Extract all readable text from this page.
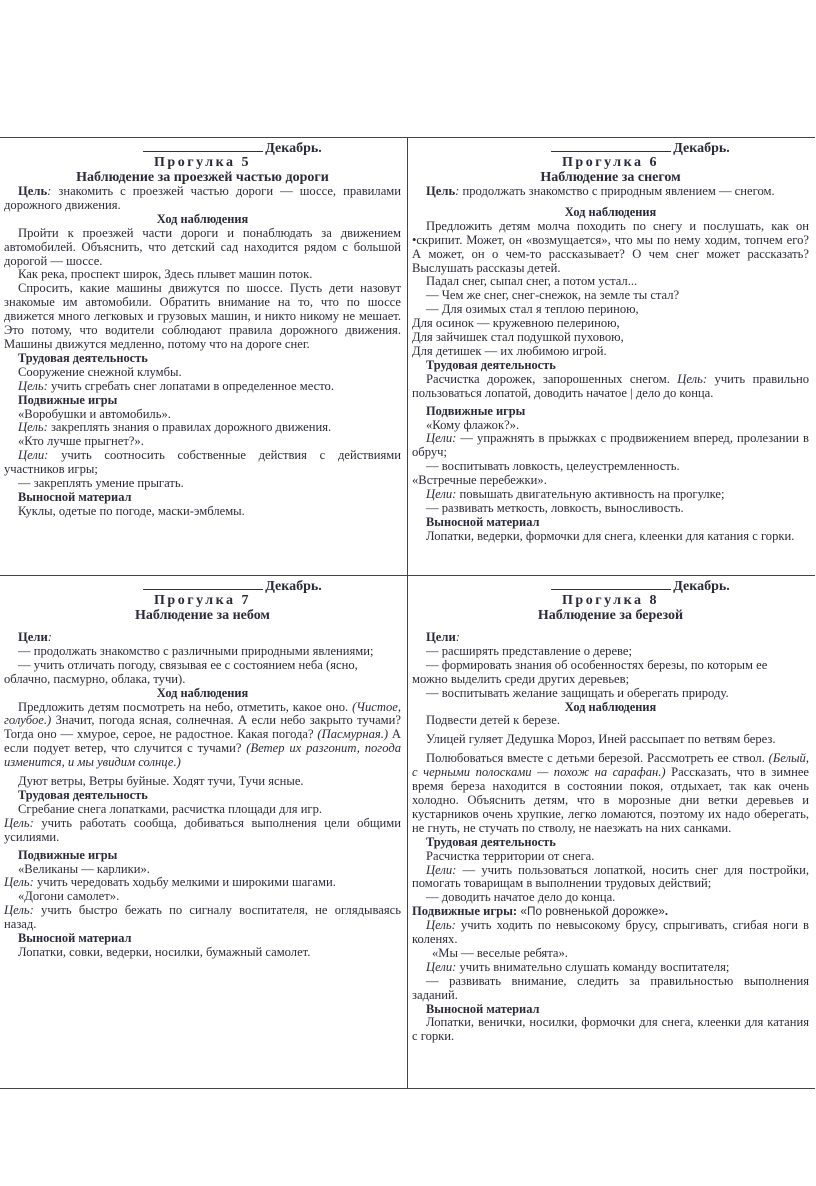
Декабрь.
Прогулка 5
Наблюдение за проезжей частью дороги
Цель: знакомить с проезжей частью дороги — шоссе, правилами дорожного движения.
Ход наблюдения
Пройти к проезжей части дороги и понаблюдать за движением автомобилей. Объяснить, что детский сад находится рядом с большой дорогой — шоссе.
Как река, проспект широк, Здесь плывет машин поток.
Спросить, какие машины движутся по шоссе. Пусть дети назовут знакомые им автомобили. Обратить внимание на то, что по шоссе движется много легковых и грузовых машин, и никто никому не мешает. Это потому, что водители соблюдают правила дорожного движения. Машины движутся медленно, потому что на дороге снег.
Трудовая деятельность
Сооружение снежной клумбы.
Цель: учить сгребать снег лопатами в определенное место.
Подвижные игры
«Воробушки и автомобиль».
Цель: закреплять знания о правилах дорожного движения.
«Кто лучше прыгнет?».
Цели: учить соотносить собственные действия с действиями участников игры;
— закреплять умение прыгать.
Выносной материал
Куклы, одетые по погоде, маски-эмблемы.
Декабрь.
Прогулка 6
Наблюдение за снегом
Цель: продолжать знакомство с природным явлением — снегом.
Ход наблюдения
Предложить детям молча походить по снегу и послушать, как он •скрипит. Может, он «возмущается», что мы по нему ходим, топчем его? А может, он о чем-то рассказывает? О чем снег может рассказать? Выслушать рассказы детей.
Падал снег, сыпал снег, а потом устал...
— Чем же снег, снег-снежок, на земле ты стал?
— Для озимых стал я теплою периною,
Для осинок — кружевною пелериною,
Для зайчишек стал подушкой пуховою,
Для детишек — их любимою игрой.
Трудовая деятельность
Расчистка дорожек, запорошенных снегом. Цель: учить правильно пользоваться лопатой, доводить начатое | дело до конца.
Подвижные игры
«Кому флажок?».
Цели: — упражнять в прыжках с продвижением вперед, пролезании в обруч;
— воспитывать ловкость, целеустремленность.
«Встречные перебежки».
Цели: повышать двигательную активность на прогулке;
— развивать меткость, ловкость, выносливость.
Выносной материал
Лопатки, ведерки, формочки для снега, клеенки для катания с горки.
Декабрь.
Прогулка 7
Наблюдение за небом
Цели:
— продолжать знакомство с различными природными явлениями;
— учить отличать погоду, связывая ее с состоянием неба (ясно,
облачно, пасмурно, облака, тучи).
Ход наблюдения
Предложить детям посмотреть на небо, отметить, какое оно. (Чистое, голубое.) Значит, погода ясная, солнечная. А если небо закрыто тучами? Тогда оно — хмурое, серое, не радостное. Какая погода? (Пасмурная.) А если подует ветер, что случится с тучами? (Ветер их разгонит, погода изменится, и мы увидим солнце.)
Дуют ветры, Ветры буйные. Ходят тучи, Тучи ясные.
Трудовая деятельность
Сгребание снега лопатками, расчистка площади для игр.
Цель: учить работать сообща, добиваться выполнения цели общими усилиями.
Подвижные игры
«Великаны — карлики».
Цель: учить чередовать ходьбу мелкими и широкими шагами.
«Догони самолет».
Цель: учить быстро бежать по сигналу воспитателя, не оглядываясь назад.
Выносной материал
Лопатки, совки, ведерки, носилки, бумажный самолет.
Декабрь.
Прогулка 8
Наблюдение за березой
Цели:
— расширять представление о дереве;
— формировать знания об особенностях березы, по которым ее
можно выделить среди других деревьев;
— воспитывать желание защищать и оберегать природу.
Ход наблюдения
Подвести детей к березе.
Улицей гуляет Дедушка Мороз, Иней рассыпает по ветвям берез.
Полюбоваться вместе с детьми березой. Рассмотреть ее ствол. (Белый, с черными полосками — похож на сарафан.) Рассказать, что в зимнее время береза находится в состоянии покоя, отдыхает, так как очень холодно. Объяснить детям, что в морозные дни ветки деревьев и кустарников очень хрупкие, легко ломаются, поэтому их надо оберегать, не гнуть, не стучать по стволу, не наезжать на них санками.
Трудовая деятельность
Расчистка территории от снега.
Цели: — учить пользоваться лопаткой, носить снег для постройки, помогать товарищам в выполнении трудовых действий;
— доводить начатое дело до конца.
Подвижные игры: «По ровненькой дорожке».
Цель: учить ходить по невысокому брусу, спрыгивать, сгибая ноги в коленях.
«Мы — веселые ребята».
Цели: учить внимательно слушать команду воспитателя;
— развивать внимание, следить за правильностью выполнения заданий.
Выносной материал
Лопатки, венички, носилки, формочки для снега, клеенки для катания с горки.
